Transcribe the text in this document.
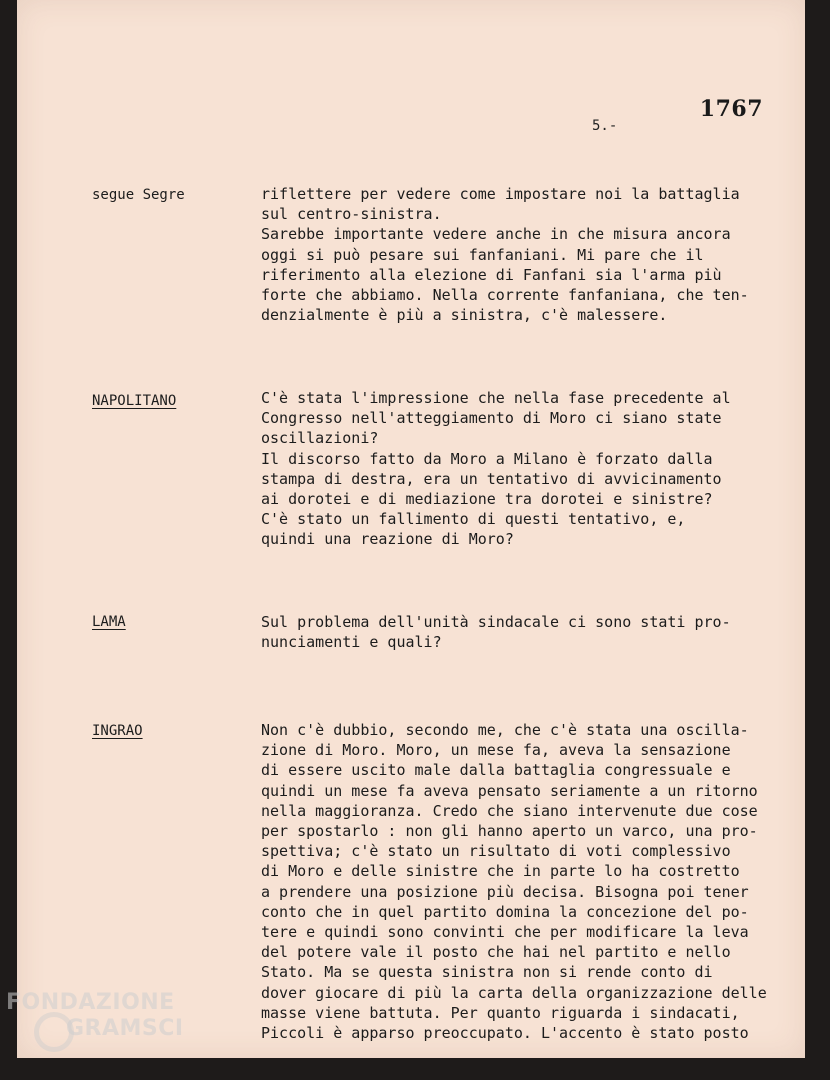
1767
5.-
segue Segre	riflettere per vedere come impostare noi la battaglia
sul centro-sinistra.
Sarebbe importante vedere anche in che misura ancora
oggi si può pesare sui fanfaniani. Mi pare che il
riferimento alla elezione di Fanfani sia l'arma più
forte che abbiamo. Nella corrente fanfaniana, che ten-
denzialmente è più a sinistra, c'è malessere.

NAPOLITANO	C'è stata l'impressione che nella fase precedente al
Congresso nell'atteggiamento di Moro ci siano state
oscillazioni?
Il discorso fatto da Moro a Milano è forzato dalla
stampa di destra, era un tentativo di avvicinamento
ai dorotei e di mediazione tra dorotei e sinistre?
C'è stato un fallimento di questi tentativo, e,
quindi una reazione di Moro?

LAMA	Sul problema dell'unità sindacale ci sono stati pro-
nunciamenti e quali?

INGRAO	Non c'è dubbio, secondo me, che c'è stata una oscilla-
zione di Moro. Moro, un mese fa, aveva la sensazione
di essere uscito male dalla battaglia congressuale e
quindi un mese fa aveva pensato seriamente a un ritorno
nella maggioranza. Credo che siano intervenute due cose
per spostarlo : non gli hanno aperto un varco, una pro-
spettiva; c'è stato un risultato di voti complessivo
di Moro e delle sinistre che in parte lo ha costretto
a prendere una posizione più decisa. Bisogna poi tener
conto che in quel partito domina la concezione del po-
tere e quindi sono convinti che per modificare la leva
del potere vale il posto che hai nel partito e nello
Stato. Ma se questa sinistra non si rende conto di
dover giocare di più la carta della organizzazione delle
masse viene battuta. Per quanto riguarda i sindacati,
Piccoli è apparso preoccupato. L'accento è stato posto

FONDAZIONE
GRAMSCI
